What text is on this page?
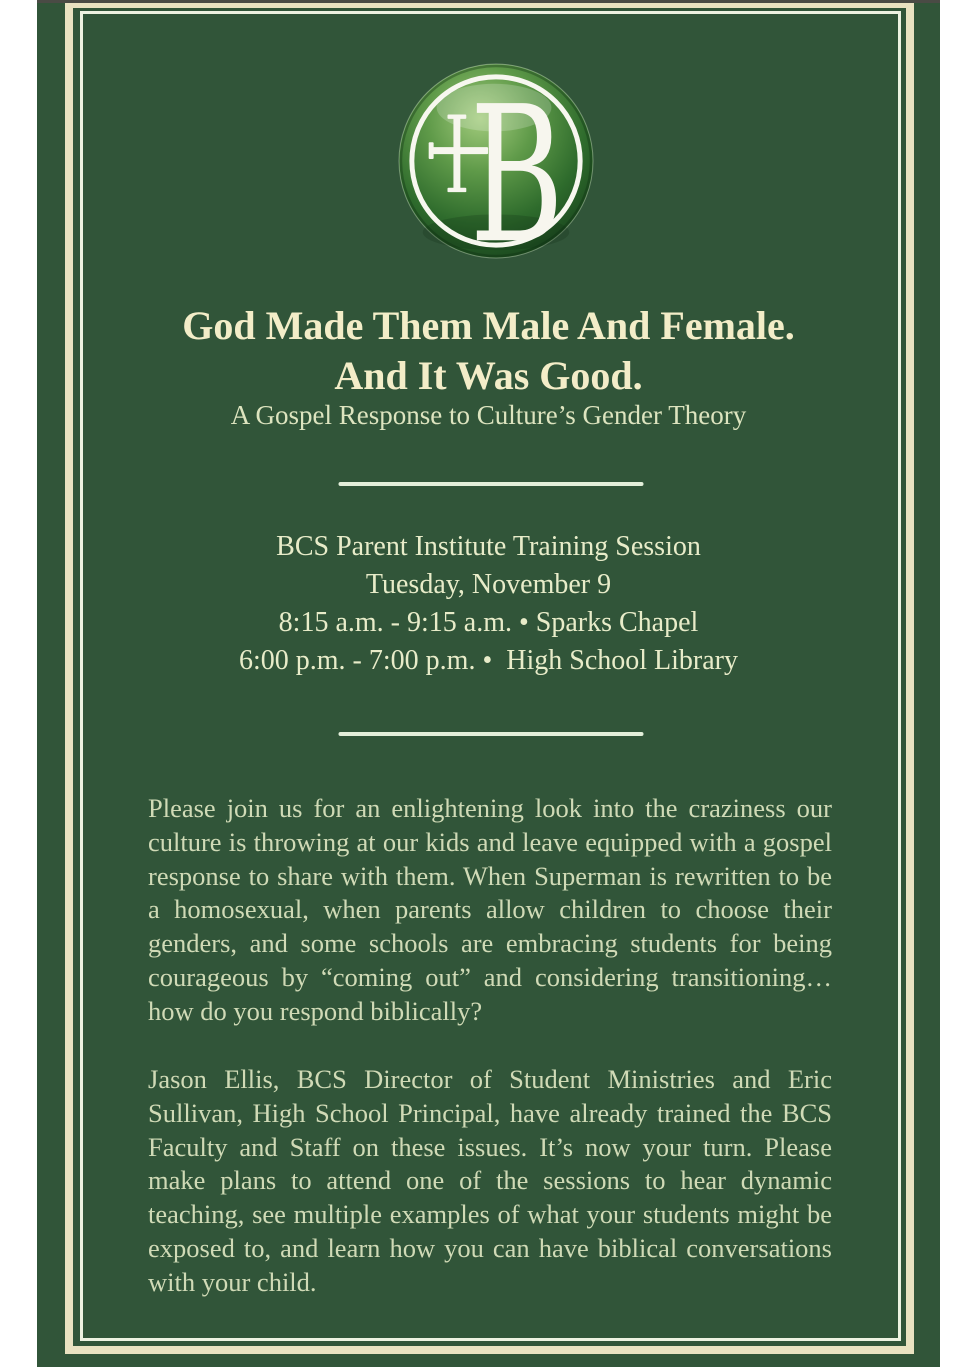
B
God Made Them Male And Female.
And It Was Good.
A Gospel Response to Culture’s Gender Theory
BCS Parent Institute Training Session
Tuesday, November 9
8:15 a.m. - 9:15 a.m. • Sparks Chapel
6:00 p.m. - 7:00 p.m. •  High School Library
Please join us for an enlightening look into the craziness our culture is throwing at our kids and leave equipped with a gospel response to share with them. When Superman is rewritten to be a homosexual, when parents allow children to choose their genders, and some schools are embracing students for being courageous by “coming out” and considering transitioning…how do you respond biblically?
Jason Ellis, BCS Director of Student Ministries and Eric Sullivan, High School Principal, have already trained the BCS Faculty and Staff on these issues. It’s now your turn. Please make plans to attend one of the sessions to hear dynamic teaching, see multiple examples of what your students might be exposed to, and learn how you can have biblical conversations with your child.
